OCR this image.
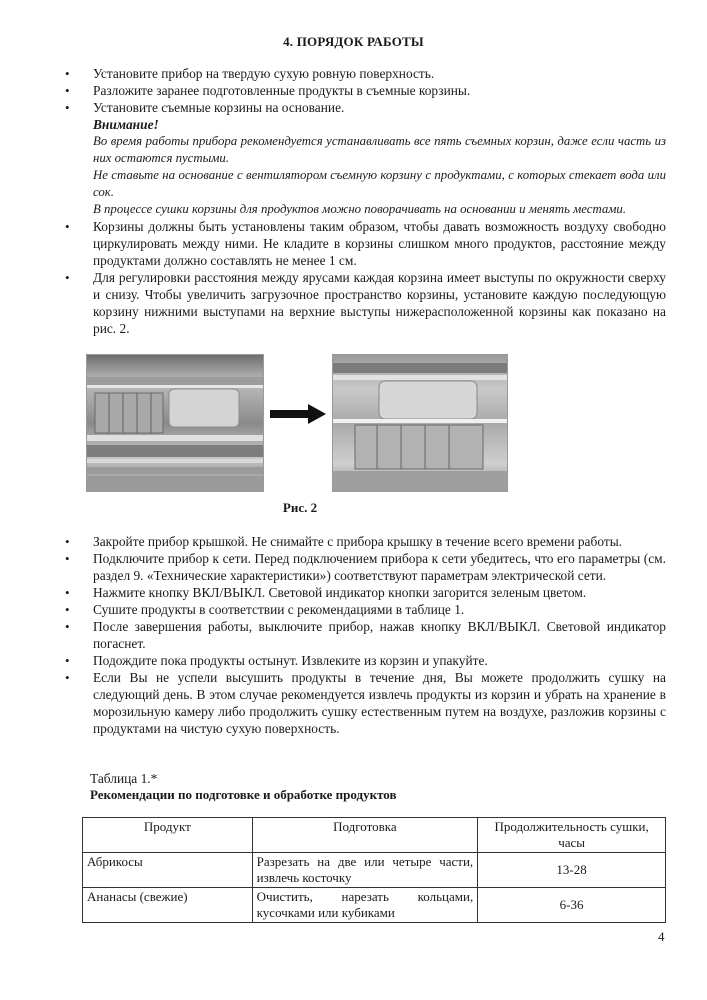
4. ПОРЯДОК РАБОТЫ
•	Установите прибор на твердую сухую ровную поверхность.
•	Разложите заранее подготовленные продукты в съемные корзины.
•	Установите съемные корзины на основание.
Внимание!
Во время работы прибора рекомендуется устанавливать все пять съемных корзин, даже если часть из них остаются пустыми.
Не ставьте на основание с вентилятором съемную корзину с продуктами, с которых стекает вода или сок.
В процессе сушки корзины для продуктов можно поворачивать на основании и менять местами.
•	Корзины должны быть установлены таким образом, чтобы давать возможность воздуху свободно циркулировать между ними. Не кладите в корзины слишком много продуктов, расстояние между продуктами должно составлять не менее 1 см.
•	Для регулировки расстояния между ярусами каждая корзина имеет выступы по окружности сверху и снизу. Чтобы увеличить загрузочное пространство корзины, установите каждую последующую корзину нижними выступами на верхние выступы нижерасположенной корзины как показано на рис. 2.
Рис. 2
•	Закройте прибор крышкой. Не снимайте с прибора крышку в течение всего времени работы.
•	Подключите прибор к сети. Перед подключением прибора к сети убедитесь, что его параметры (см. раздел 9. «Технические характеристики») соответствуют параметрам электрической сети.
•	Нажмите кнопку ВКЛ/ВЫКЛ. Световой индикатор кнопки загорится зеленым цветом.
•	Сушите продукты в соответствии с рекомендациями в таблице 1.
•	После завершения работы, выключите прибор, нажав кнопку ВКЛ/ВЫКЛ. Световой индикатор погаснет.
•	Подождите пока продукты остынут. Извлеките из корзин и упакуйте.
•	Если Вы не успели высушить продукты в течение дня, Вы можете продолжить сушку на следующий день. В этом случае рекомендуется извлечь продукты из корзин и убрать на хранение в морозильную камеру либо продолжить сушку естественным путем на воздухе, разложив корзины с продуктами на чистую сухую поверхность.
Таблица 1.*
Рекомендации по подготовке и обработке продуктов
Продукт	Подготовка	Продолжительность сушки, часы
Абрикосы	Разрезать на две или четыре части, извлечь косточку	13-28
Ананасы (свежие)	Очистить, нарезать кольцами, кусочками или кубиками	6-36
4
